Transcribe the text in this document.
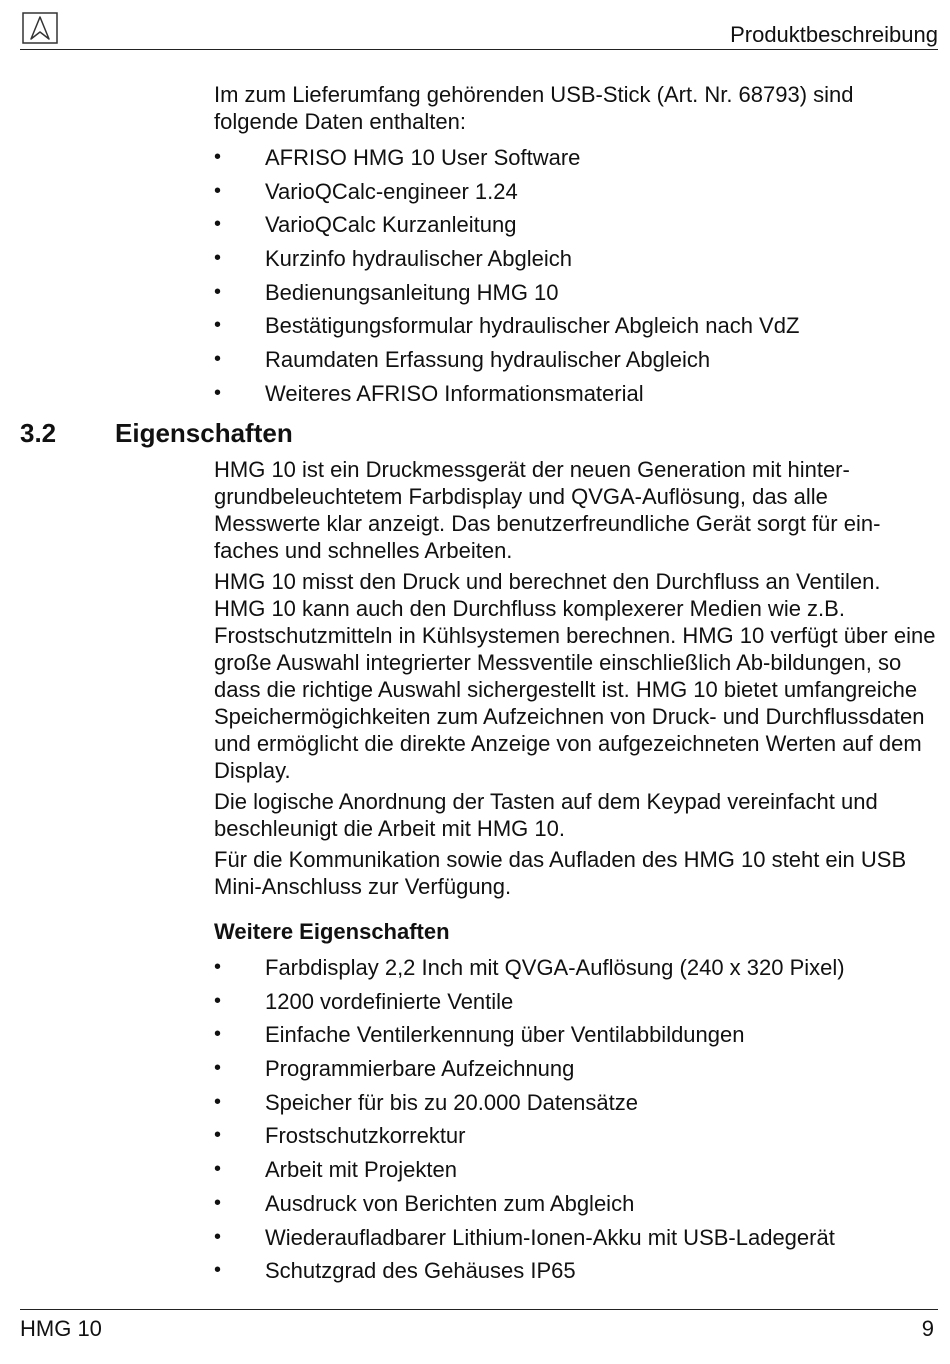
Produktbeschreibung

Im zum Lieferumfang gehörenden USB-Stick (Art. Nr. 68793) sind folgende Daten enthalten:

• AFRISO HMG 10 User Software
• VarioQCalc-engineer 1.24
• VarioQCalc Kurzanleitung
• Kurzinfo hydraulischer Abgleich
• Bedienungsanleitung HMG 10
• Bestätigungsformular hydraulischer Abgleich nach VdZ
• Raumdaten Erfassung hydraulischer Abgleich
• Weiteres AFRISO Informationsmaterial
3.2 Eigenschaften

HMG 10 ist ein Druckmessgerät der neuen Generation mit hinter-grundbeleuchtetem Farbdisplay und QVGA-Auflösung, das alle Messwerte klar anzeigt. Das benutzerfreundliche Gerät sorgt für ein-faches und schnelles Arbeiten.

HMG 10 misst den Druck und berechnet den Durchfluss an Ventilen. HMG 10 kann auch den Durchfluss komplexerer Medien wie z.B. Frostschutzmitteln in Kühlsystemen berechnen. HMG 10 verfügt über eine große Auswahl integrierter Messventile einschließlich Ab-bildungen, so dass die richtige Auswahl sichergestellt ist. HMG 10 bietet umfangreiche Speichermögichkeiten zum Aufzeichnen von Druck- und Durchflussdaten und ermöglicht die direkte Anzeige von aufgezeichneten Werten auf dem Display.

Die logische Anordnung der Tasten auf dem Keypad vereinfacht und beschleunigt die Arbeit mit HMG 10.

Für die Kommunikation sowie das Aufladen des HMG 10 steht ein USB Mini-Anschluss zur Verfügung.

Weitere Eigenschaften
• Farbdisplay 2,2 Inch mit QVGA-Auflösung (240 x 320 Pixel)
• 1200 vordefinierte Ventile
• Einfache Ventilerkennung über Ventilabbildungen
• Programmierbare Aufzeichnung
• Speicher für bis zu 20.000 Datensätze
• Frostschutzkorrektur
• Arbeit mit Projekten
• Ausdruck von Berichten zum Abgleich
• Wiederaufladbarer Lithium-Ionen-Akku mit USB-Ladegerät
• Schutzgrad des Gehäuses IP65
HMG 10	9
